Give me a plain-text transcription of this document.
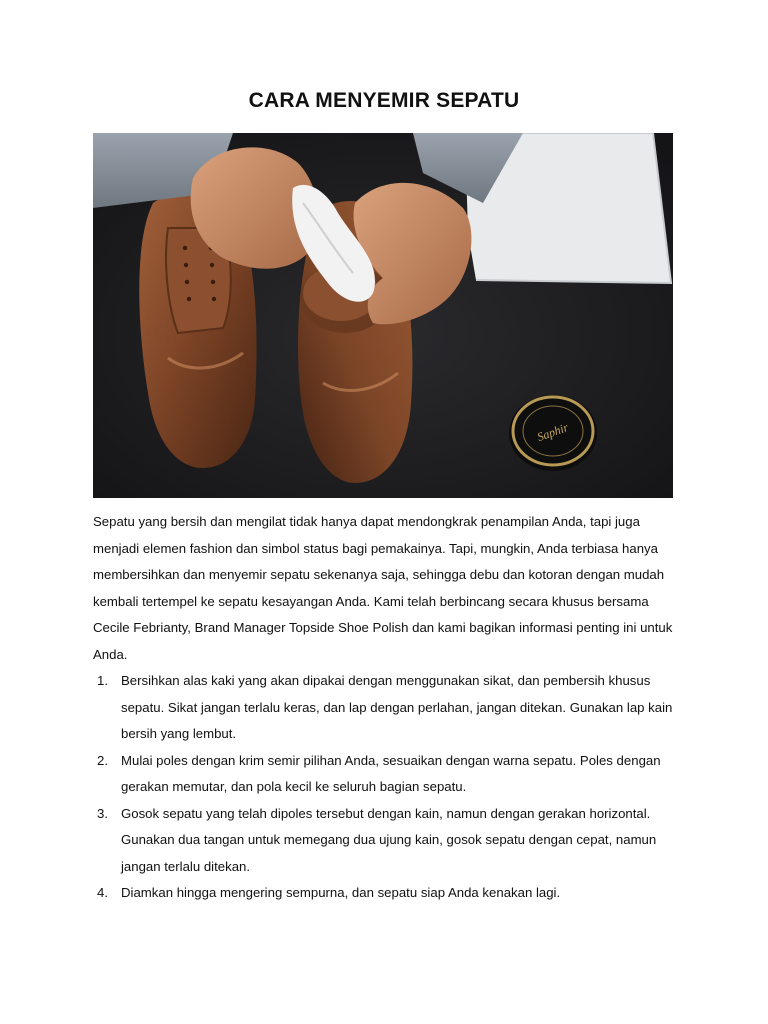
CARA MENYEMIR SEPATU
Saphir

Sepatu yang bersih dan mengilat tidak hanya dapat mendongkrak penampilan Anda, tapi juga menjadi elemen fashion dan simbol status bagi pemakainya. Tapi, mungkin, Anda terbiasa hanya membersihkan dan menyemir sepatu sekenanya saja, sehingga debu dan kotoran dengan mudah kembali tertempel ke sepatu kesayangan Anda. Kami telah berbincang secara khusus bersama Cecile Febrianty, Brand Manager Topside Shoe Polish dan kami bagikan informasi penting ini untuk Anda.

1. Bersihkan alas kaki yang akan dipakai dengan menggunakan sikat, dan pembersih khusus sepatu. Sikat jangan terlalu keras, dan lap dengan perlahan, jangan ditekan. Gunakan lap kain bersih yang lembut.
2. Mulai poles dengan krim semir pilihan Anda, sesuaikan dengan warna sepatu. Poles dengan gerakan memutar, dan pola kecil ke seluruh bagian sepatu.
3. Gosok sepatu yang telah dipoles tersebut dengan kain, namun dengan gerakan horizontal. Gunakan dua tangan untuk memegang dua ujung kain, gosok sepatu dengan cepat, namun jangan terlalu ditekan.
4. Diamkan hingga mengering sempurna, dan sepatu siap Anda kenakan lagi.
